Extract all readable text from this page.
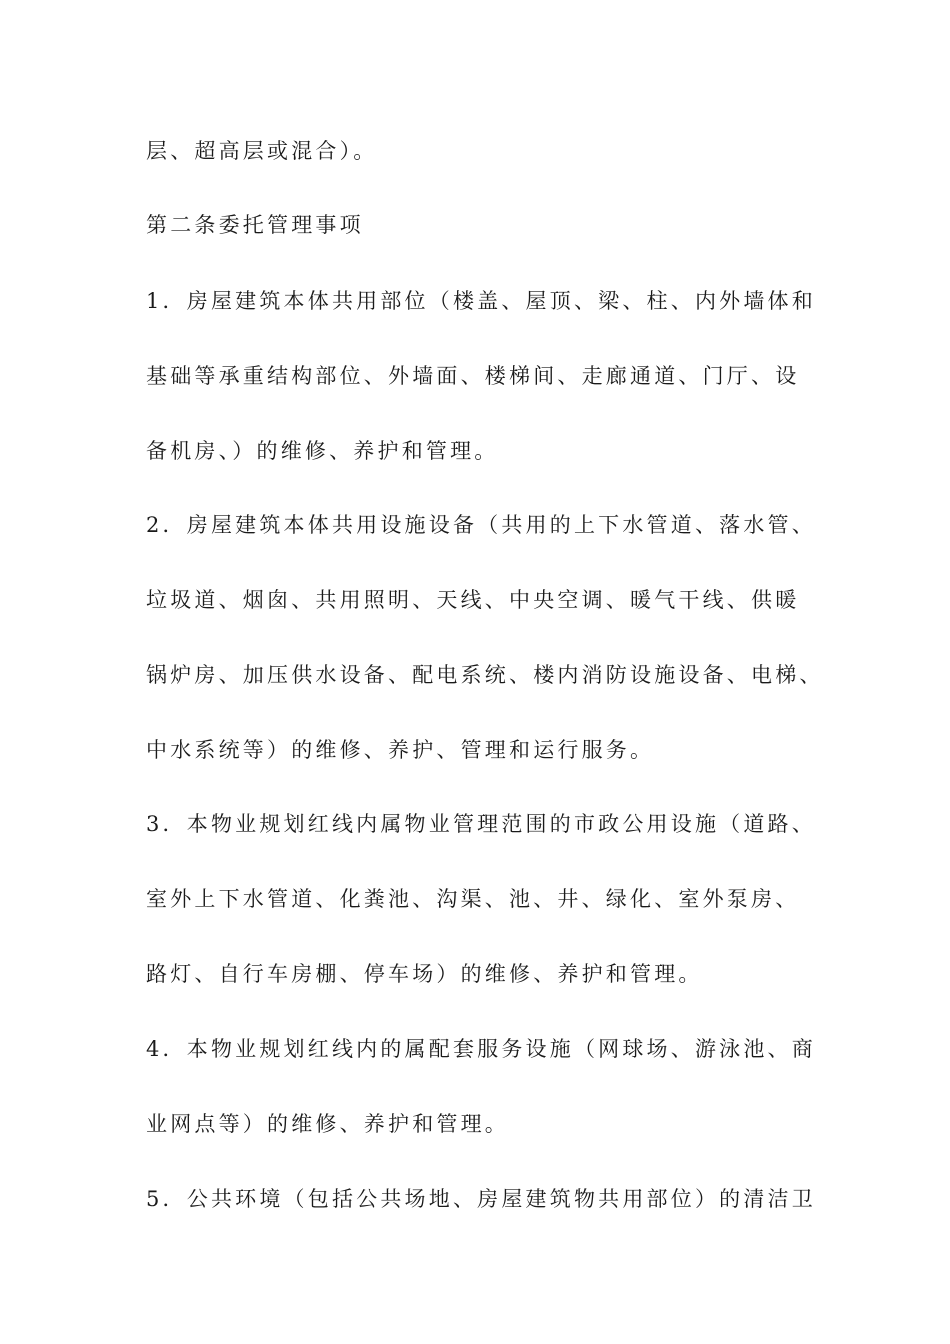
层、超高层或混合）。
第二条委托管理事项
1．房屋建筑本体共用部位（楼盖、屋顶、梁、柱、内外墙体和
基础等承重结构部位、外墙面、楼梯间、走廊通道、门厅、设
备机房、）的维修、养护和管理。
2．房屋建筑本体共用设施设备（共用的上下水管道、落水管、
垃圾道、烟囱、共用照明、天线、中央空调、暖气干线、供暖
锅炉房、加压供水设备、配电系统、楼内消防设施设备、电梯、
中水系统等）的维修、养护、管理和运行服务。
3．本物业规划红线内属物业管理范围的市政公用设施（道路、
室外上下水管道、化粪池、沟渠、池、井、绿化、室外泵房、
路灯、自行车房棚、停车场）的维修、养护和管理。
4．本物业规划红线内的属配套服务设施（网球场、游泳池、商
业网点等）的维修、养护和管理。
5．公共环境（包括公共场地、房屋建筑物共用部位）的清洁卫
